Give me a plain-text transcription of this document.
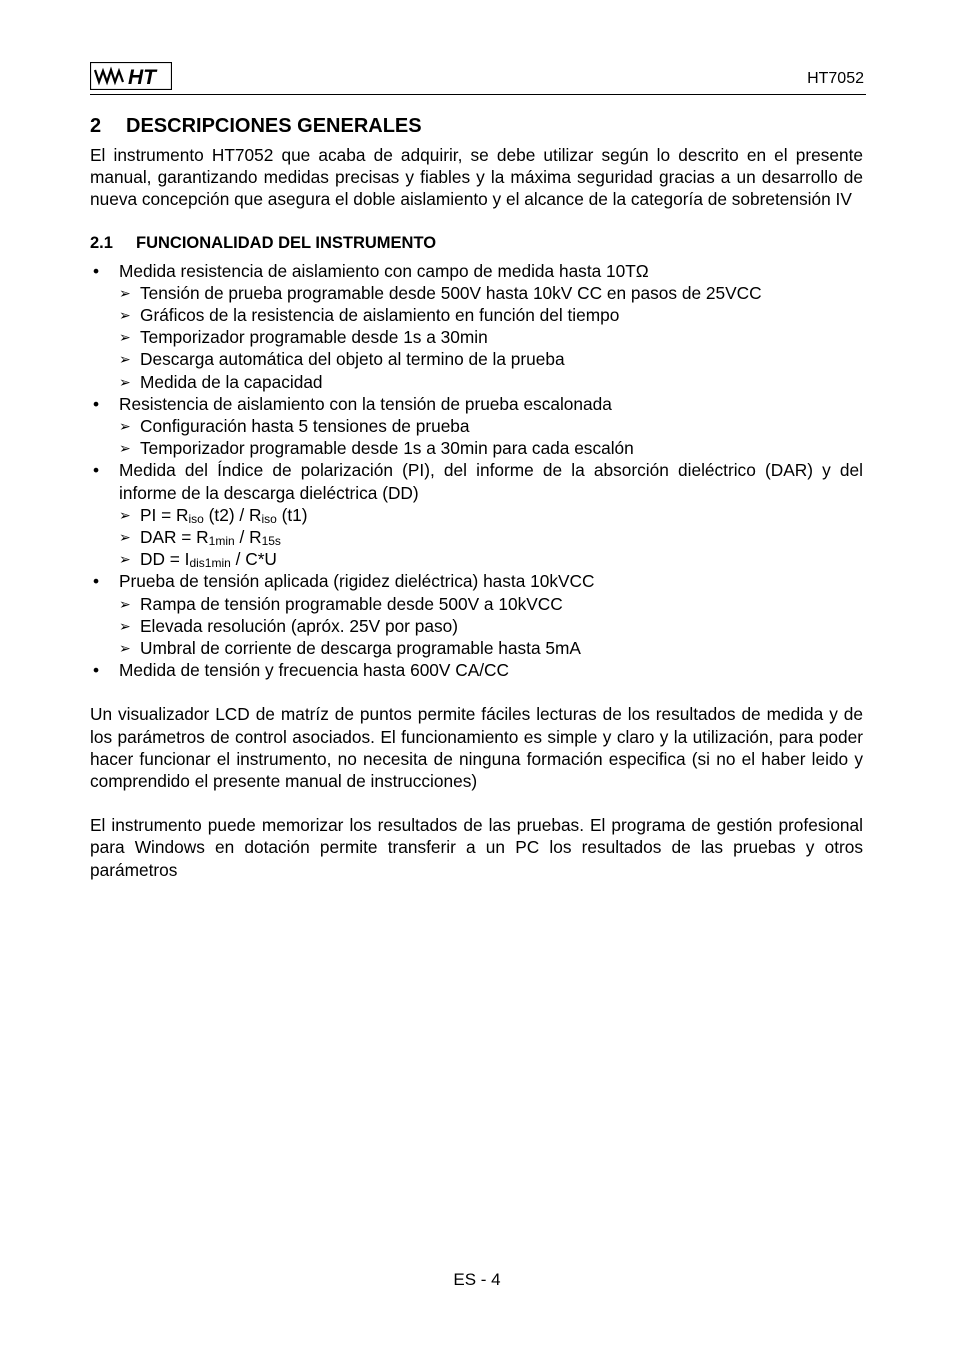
HT	HT7052
2 DESCRIPCIONES GENERALES

El instrumento HT7052 que acaba de adquirir, se debe utilizar según lo descrito en el presente manual, garantizando medidas precisas y fiables y la máxima seguridad gracias a un desarrollo de nueva concepción que asegura el doble aislamiento y el alcance de la categoría de sobretensión IV

2.1 FUNCIONALIDAD DEL INSTRUMENTO
• Medida resistencia de aislamiento con campo de medida hasta 10TΩ
➢ Tensión de prueba programable desde 500V hasta 10kV CC en pasos de 25VCC
➢ Gráficos de la resistencia de aislamiento en función del tiempo
➢ Temporizador programable desde 1s a 30min
➢ Descarga automática del objeto al termino de la prueba
➢ Medida de la capacidad
• Resistencia de aislamiento con la tensión de prueba escalonada
➢ Configuración hasta 5 tensiones de prueba
➢ Temporizador programable desde 1s a 30min para cada escalón
• Medida del Índice de polarización (PI), del informe de la absorción dieléctrico (DAR) y del informe de la descarga dieléctrica (DD)
➢ PI = $R_{iso}$ $(t2) / R_{iso}$ (t1)
➢ DAR = $R_{1min} / R_{15s}$
➢ DD = $I_{dis1min} / C*U$
• Prueba de tensión aplicada (rigidez dieléctrica) hasta 10kVCC
➢ Rampa de tensión programable desde 500V a 10kVCC
➢ Elevada resolución (apróx. 25V por paso)
➢ Umbral de corriente de descarga programable hasta 5mA
• Medida de tensión y frecuencia hasta 600V CA/CC

Un visualizador LCD de matríz de puntos permite fáciles lecturas de los resultados de medida y de los parámetros de control asociados. El funcionamiento es simple y claro y la utilización, para poder hacer funcionar el instrumento, no necesita de ninguna formación especifica (si no el haber leido y comprendido el presente manual de instrucciones)

El instrumento puede memorizar los resultados de las pruebas. El programa de gestión profesional para Windows en dotación permite transferir a un PC los resultados de las pruebas y otros parámetros

ES - 4
